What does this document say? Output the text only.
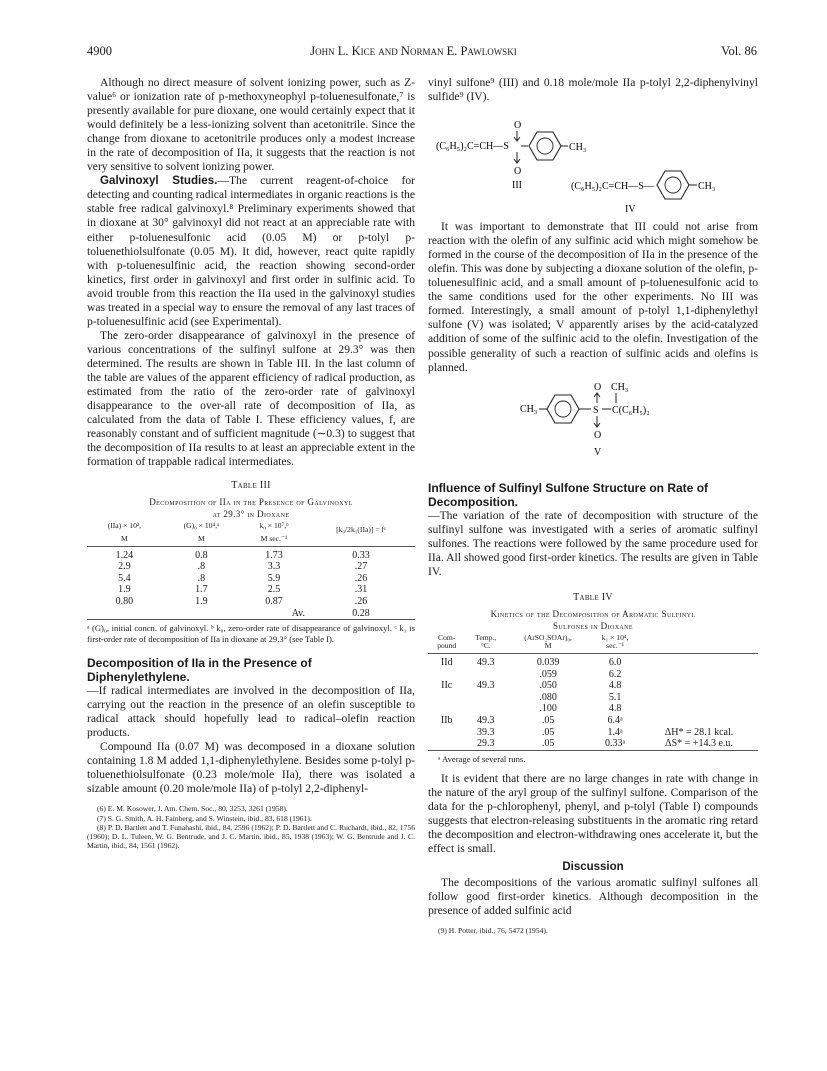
4900	John L. Kice and Norman E. Pawlowski	Vol. 86

Although no direct measure of solvent ionizing power, such as Z-value⁶ or ionization rate of p-methoxyneophyl p-toluenesulfonate,⁷ is presently available for pure dioxane, one would certainly expect that it would definitely be a less-ionizing solvent than acetonitrile. Since the change from dioxane to acetonitrile produces only a modest increase in the rate of decomposition of IIa, it suggests that the reaction is not very sensitive to solvent ionizing power.

Galvinoxyl Studies.—The current reagent-of-choice for detecting and counting radical intermediates in organic reactions is the stable free radical galvinoxyl.⁸ Preliminary experiments showed that in dioxane at 30° galvinoxyl did not react at an appreciable rate with either p-toluenesulfonic acid (0.05 M) or p-tolyl p-toluenethiolsulfonate (0.05 M). It did, however, react quite rapidly with p-toluenesulfinic acid, the reaction showing second-order kinetics, first order in galvinoxyl and first order in sulfinic acid. To avoid trouble from this reaction the IIa used in the galvinoxyl studies was treated in a special way to ensure the removal of any last traces of p-toluenesulfinic acid (see Experimental).

The zero-order disappearance of galvinoxyl in the presence of various concentrations of the sulfinyl sulfone at 29.3° was then determined. The results are shown in Table III. In the last column of the table are values of the apparent efficiency of radical production, as estimated from the ratio of the zero-order rate of galvinoxyl disappearance to the over-all rate of decomposition of IIa, as calculated from the data of Table I. These efficiency values, f, are reasonably constant and of sufficient magnitude (∼0.3) to suggest that the decomposition of IIa results to at least an appreciable extent in the formation of trappable radical intermediates.

Table III
Decomposition of IIa in the Presence of Galvinoxyl
at 29.3° in Dioxane
(IIa) × 10²,	(G)₀ × 10⁴,ᵃ	k₀ × 10⁷,ᵇ	[k₀/2k₁(IIa)] = fᶜ
M	M	M sec.⁻¹	
1.24	0.8	1.73	0.33
2.9	.8	3.3	.27
5.4	.8	5.9	.26
1.9	1.7	2.5	.31
0.80	1.9	0.87	.26
		Av.	0.28
ᵃ (G)₀, initial concn. of galvinoxyl. ᵇ k₀, zero-order rate of disappearance of galvinoxyl. ᶜ k₁ is first-order rate of decomposition of IIa in dioxane at 29.3° (see Table I).
Decomposition of IIa in the Presence of Diphenylethylene.

—If radical intermediates are involved in the decomposition of IIa, carrying out the reaction in the presence of an olefin susceptible to radical attack should hopefully lead to radical–olefin reaction products.

Compound IIa (0.07 M) was decomposed in a dioxane solution containing 1.8 M added 1,1-diphenylethylene. Besides some p-tolyl p-toluenethiolsulfonate (0.23 mole/mole IIa), there was isolated a sizable amount (0.20 mole/mole IIa) of p-tolyl 2,2-diphenyl-

(6) E. M. Kosower, J. Am. Chem. Soc., 80, 3253, 3261 (1958).
(7) S. G. Smith, A. H. Fainberg, and S. Winstein, ibid., 83, 618 (1961).
(8) P. D. Bartlett and T. Funahashi, ibid., 84, 2596 (1962); P. D. Bartlett and C. Ruchardt, ibid., 82, 1756 (1960); D. L. Tuleen, W. G. Bentrude, and J. C. Martin, ibid., 85, 1938 (1963); W. G. Bentrude and J. C. Martin, ibid., 84, 1561 (1962).

vinyl sulfone⁹ (III) and 0.18 mole/mole IIa p-tolyl 2,2-diphenylvinyl sulfide⁹ (IV).

O
(C₆H₅)₂C=CH—S	CH₃
O
III	(C₆H₅)₂C=CH—S—	CH₃
IV

It was important to demonstrate that III could not arise from reaction with the olefin of any sulfinic acid which might somehow be formed in the course of the decomposition of IIa in the presence of the olefin. This was done by subjecting a dioxane solution of the olefin, p-toluenesulfinic acid, and a small amount of p-toluenesulfonic acid to the same conditions used for the other experiments. No III was formed. Interestingly, a small amount of p-tolyl 1,1-diphenylethyl sulfone (V) was isolated; V apparently arises by the acid-catalyzed addition of some of the sulfinic acid to the olefin. Investigation of the possible generality of such a reaction of sulfinic acids and olefins is planned.

O CH₃
CH₃	S C(C₆H₅)₂
O
V
Influence of Sulfinyl Sulfone Structure on Rate of Decomposition.

—The variation of the rate of decomposition with structure of the sulfinyl sulfone was investigated with a series of aromatic sulfinyl sulfones. The reactions were followed by the same procedure used for IIa. All showed good first-order kinetics. The results are given in Table IV.

Table IV
Kinetics of the Decomposition of Aromatic Sulfinyl
Sulfones in Dioxane
Com-	Temp.,	(ArSO₂SOAr)₀,	k₁ × 10⁴,	
pound	°C.	M	sec.⁻¹	
IId	49.3	0.039	6.0	
		.059	6.2	
IIc	49.3	.050	4.8	
		.080	5.1	
		.100	4.8	
IIb	49.3	.05	6.4ᵃ	
	39.3	.05	1.4ᵃ	ΔH* = 28.1 kcal.
	29.3	.05	0.33ᵃ	ΔS* = +14.3 e.u.
ᵃ Average of several runs.

It is evident that there are no large changes in rate with change in the nature of the aryl group of the sulfinyl sulfone. Comparison of the data for the p-chlorophenyl, phenyl, and p-tolyl (Table I) compounds suggests that electron-releasing substituents in the aromatic ring retard the decomposition and electron-withdrawing ones accelerate it, but the effect is small.

Discussion

The decompositions of the various aromatic sulfinyl sulfones all follow good first-order kinetics. Although decomposition in the presence of added sulfinic acid

(9) H. Potter, ibid., 76, 5472 (1954).
